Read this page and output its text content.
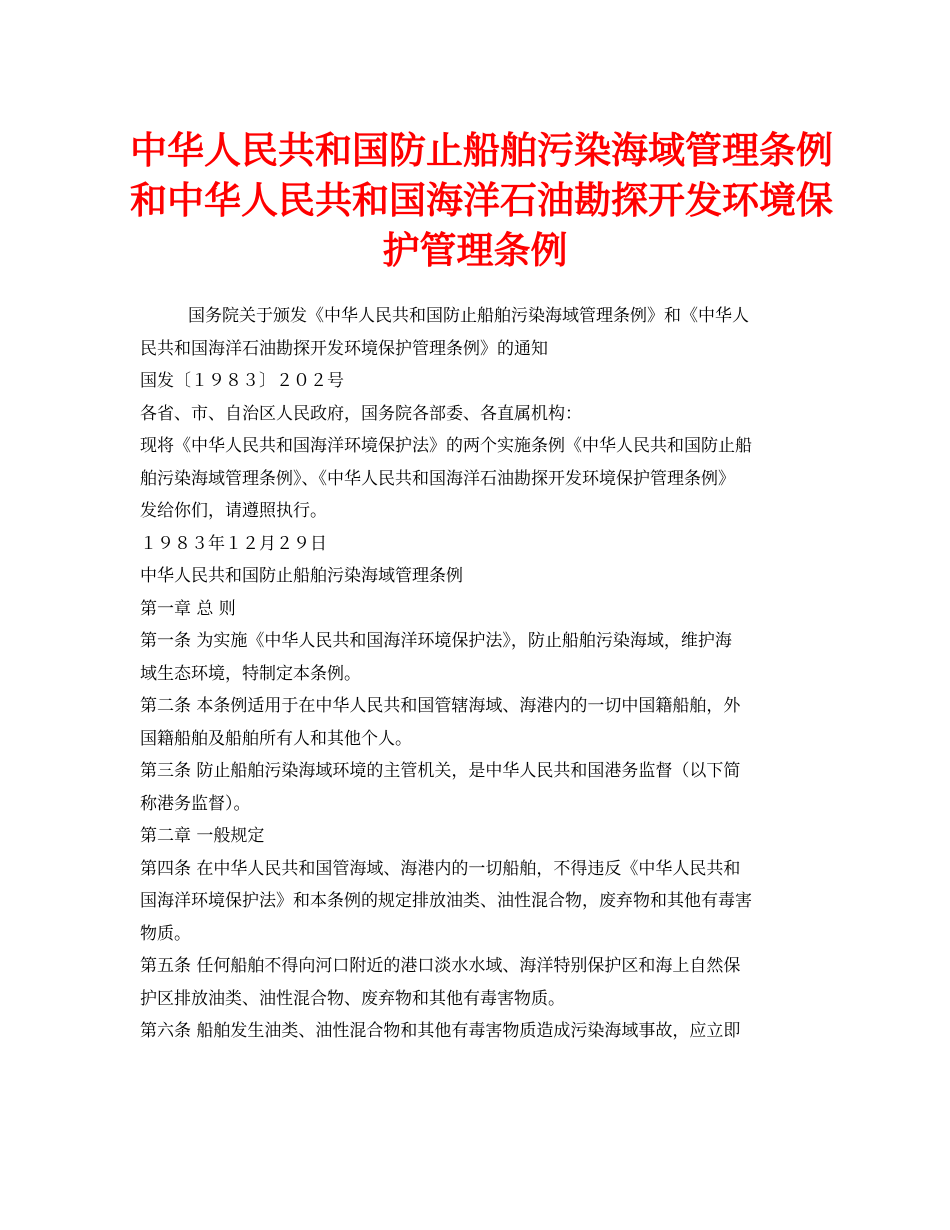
中华人民共和国防止船舶污染海域管理条例
和中华人民共和国海洋石油勘探开发环境保
护管理条例
国务院关于颁发《中华人民共和国防止船舶污染海域管理条例》和《中华人
民共和国海洋石油勘探开发环境保护管理条例》的通知
国发〔１９８３〕２０２号
各省、市、自治区人民政府，国务院各部委、各直属机构：
现将《中华人民共和国海洋环境保护法》的两个实施条例《中华人民共和国防止船
舶污染海域管理条例》、《中华人民共和国海洋石油勘探开发环境保护管理条例》
发给你们，请遵照执行。
１９８３年１２月２９日
中华人民共和国防止船舶污染海域管理条例
第一章 总 则
第一条 为实施《中华人民共和国海洋环境保护法》，防止船舶污染海域，维护海
域生态环境，特制定本条例。
第二条 本条例适用于在中华人民共和国管辖海域、海港内的一切中国籍船舶，外
国籍船舶及船舶所有人和其他个人。
第三条 防止船舶污染海域环境的主管机关，是中华人民共和国港务监督（以下简
称港务监督）。
第二章 一般规定
第四条 在中华人民共和国管海域、海港内的一切船舶，不得违反《中华人民共和
国海洋环境保护法》和本条例的规定排放油类、油性混合物，废弃物和其他有毒害
物质。
第五条 任何船舶不得向河口附近的港口淡水水域、海洋特别保护区和海上自然保
护区排放油类、油性混合物、废弃物和其他有毒害物质。
第六条 船舶发生油类、油性混合物和其他有毒害物质造成污染海域事故，应立即
